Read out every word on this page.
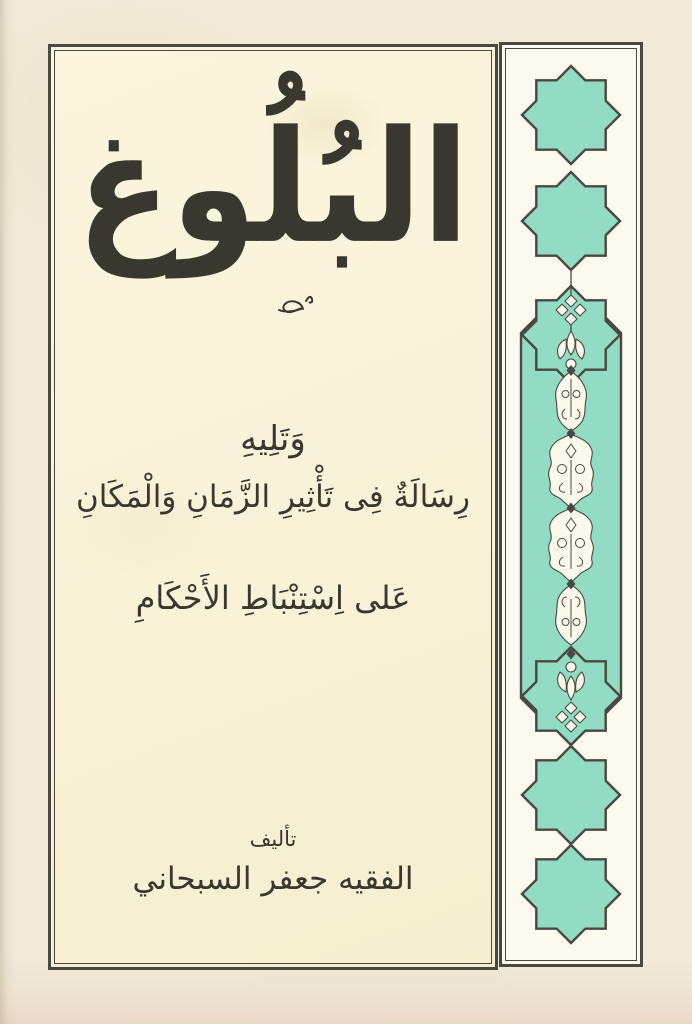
البُلُوغ
وَتَلِيهِ
رِسَالَةٌ فِى تَأْثِيرِ الزَّمَانِ وَالْمَكَانِ
عَلى اِسْتِنْبَاطِ الأَحْكَامِ
تأليف
الفقيه جعفر السبحاني
